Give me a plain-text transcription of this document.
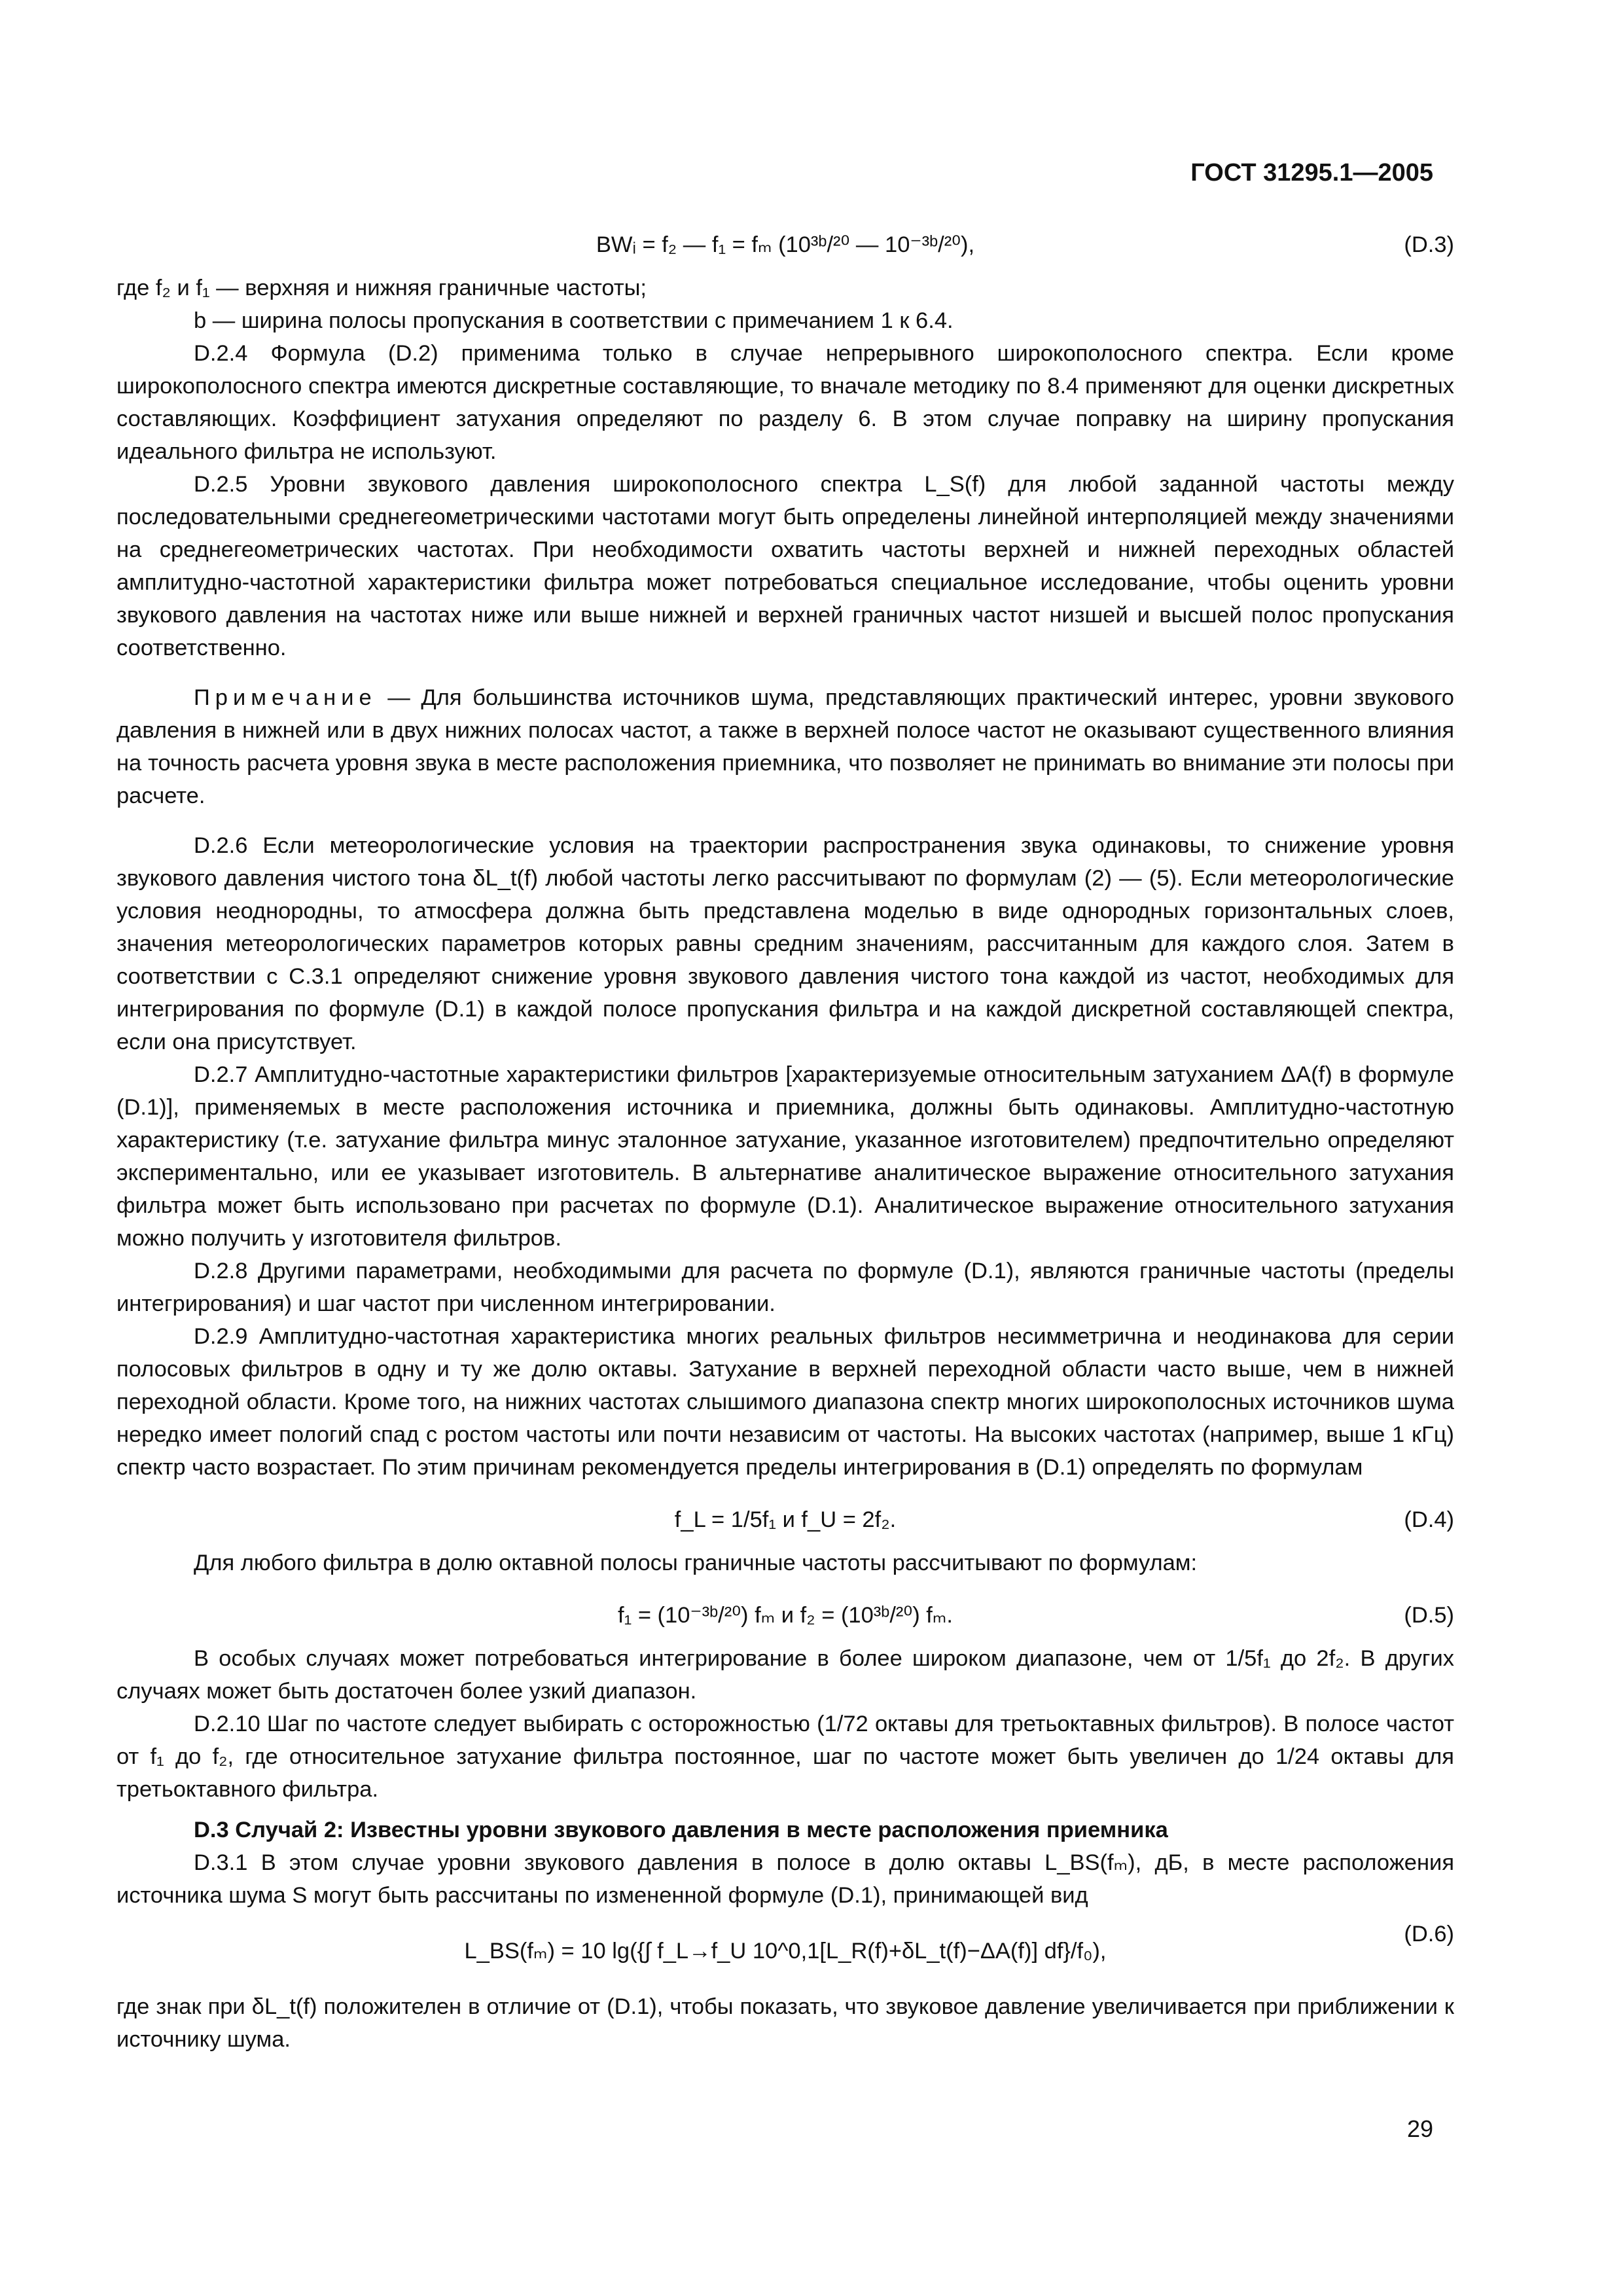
ГОСТ 31295.1—2005
BWᵢ = f₂ — f₁ = fₘ (10³ᵇ/²⁰ — 10⁻³ᵇ/²⁰),	(D.3)

где f₂ и f₁ — верхняя и нижняя граничные частоты;

b — ширина полосы пропускания в соответствии с примечанием 1 к 6.4.

D.2.4 Формула (D.2) применима только в случае непрерывного широкополосного спектра. Если кроме широкополосного спектра имеются дискретные составляющие, то вначале методику по 8.4 применяют для оценки дискретных составляющих. Коэффициент затухания определяют по разделу 6. В этом случае поправку на ширину пропускания идеального фильтра не используют.

D.2.5 Уровни звукового давления широкополосного спектра L_S(f) для любой заданной частоты между последовательными среднегеометрическими частотами могут быть определены линейной интерполяцией между значениями на среднегеометрических частотах. При необходимости охватить частоты верхней и нижней переходных областей амплитудно-частотной характеристики фильтра может потребоваться специальное исследование, чтобы оценить уровни звукового давления на частотах ниже или выше нижней и верхней граничных частот низшей и высшей полос пропускания соответственно.

Примечание — Для большинства источников шума, представляющих практический интерес, уровни звукового давления в нижней или в двух нижних полосах частот, а также в верхней полосе частот не оказывают существенного влияния на точность расчета уровня звука в месте расположения приемника, что позволяет не принимать во внимание эти полосы при расчете.

D.2.6 Если метеорологические условия на траектории распространения звука одинаковы, то снижение уровня звукового давления чистого тона δL_t(f) любой частоты легко рассчитывают по формулам (2) — (5). Если метеорологические условия неоднородны, то атмосфера должна быть представлена моделью в виде однородных горизонтальных слоев, значения метеорологических параметров которых равны средним значениям, рассчитанным для каждого слоя. Затем в соответствии с С.3.1 определяют снижение уровня звукового давления чистого тона каждой из частот, необходимых для интегрирования по формуле (D.1) в каждой полосе пропускания фильтра и на каждой дискретной составляющей спектра, если она присутствует.

D.2.7 Амплитудно-частотные характеристики фильтров [характеризуемые относительным затуханием ΔA(f) в формуле (D.1)], применяемых в месте расположения источника и приемника, должны быть одинаковы. Амплитудно-частотную характеристику (т.е. затухание фильтра минус эталонное затухание, указанное изготовителем) предпочтительно определяют экспериментально, или ее указывает изготовитель. В альтернативе аналитическое выражение относительного затухания фильтра может быть использовано при расчетах по формуле (D.1). Аналитическое выражение относительного затухания можно получить у изготовителя фильтров.

D.2.8 Другими параметрами, необходимыми для расчета по формуле (D.1), являются граничные частоты (пределы интегрирования) и шаг частот при численном интегрировании.

D.2.9 Амплитудно-частотная характеристика многих реальных фильтров несимметрична и неодинакова для серии полосовых фильтров в одну и ту же долю октавы. Затухание в верхней переходной области часто выше, чем в нижней переходной области. Кроме того, на нижних частотах слышимого диапазона спектр многих широкополосных источников шума нередко имеет пологий спад с ростом частоты или почти независим от частоты. На высоких частотах (например, выше 1 кГц) спектр часто возрастает. По этим причинам рекомендуется пределы интегрирования в (D.1) определять по формулам

f_L = 1/5f₁ и f_U = 2f₂.	(D.4)

Для любого фильтра в долю октавной полосы граничные частоты рассчитывают по формулам:

f₁ = (10⁻³ᵇ/²⁰) fₘ и f₂ = (10³ᵇ/²⁰) fₘ.	(D.5)

В особых случаях может потребоваться интегрирование в более широком диапазоне, чем от 1/5f₁ до 2f₂. В других случаях может быть достаточен более узкий диапазон.

D.2.10 Шаг по частоте следует выбирать с осторожностью (1/72 октавы для третьоктавных фильтров). В полосе частот от f₁ до f₂, где относительное затухание фильтра постоянное, шаг по частоте может быть увеличен до 1/24 октавы для третьоктавного фильтра.

D.3 Случай 2: Известны уровни звукового давления в месте расположения приемника

D.3.1 В этом случае уровни звукового давления в полосе в долю октавы L_BS(fₘ), дБ, в месте расположения источника шума S могут быть рассчитаны по измененной формуле (D.1), принимающей вид

L_BS(fₘ) = 10 lg({∫ f_L→f_U 10^0,1[L_R(f)+δL_t(f)−ΔA(f)] df}/f₀),
(D.6)

где знак при δL_t(f) положителен в отличие от (D.1), чтобы показать, что звуковое давление увеличивается при приближении к источнику шума.

29
